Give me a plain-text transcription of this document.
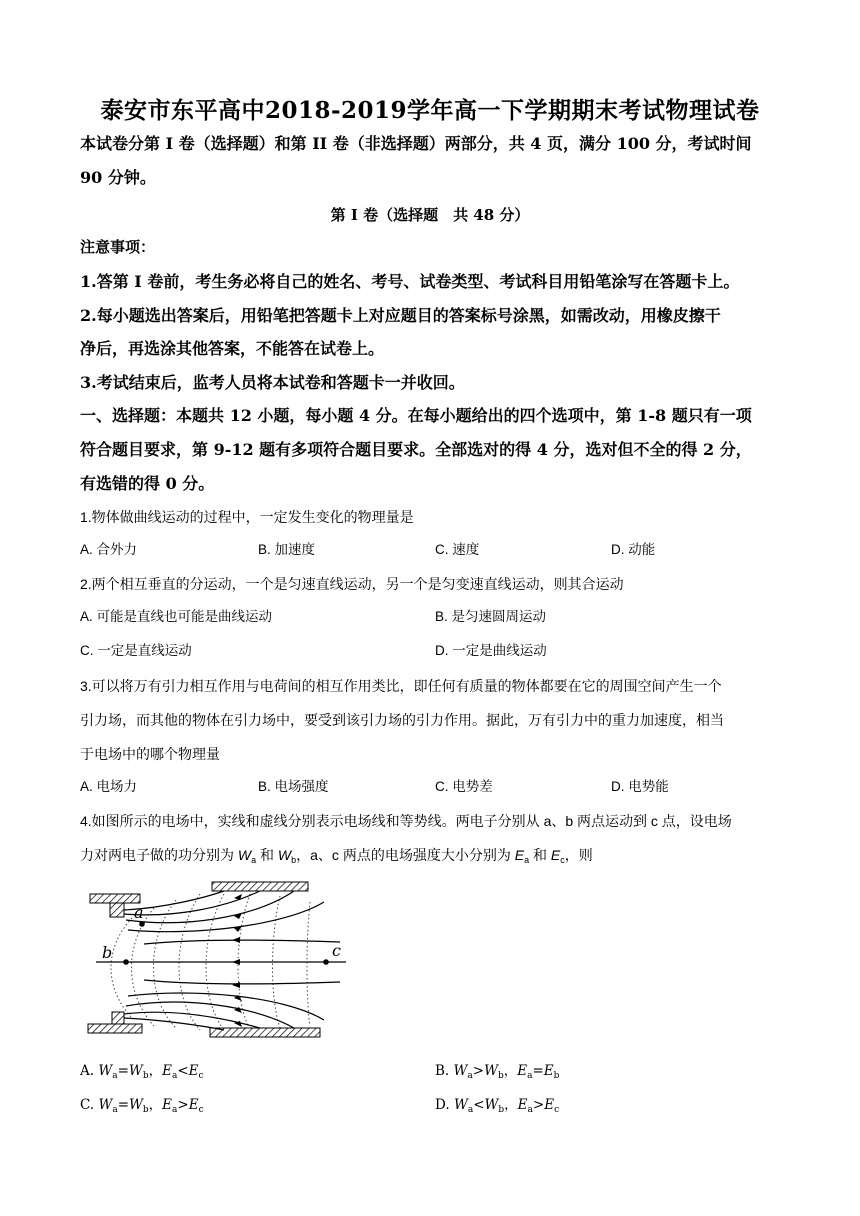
泰安市东平高中2018-2019学年高一下学期期末考试物理试卷
本试卷分第 I 卷（选择题）和第 II 卷（非选择题）两部分，共 4 页，满分 100 分，考试时间
90 分钟。
第 I 卷（选择题　共 48 分）
注意事项：
1.答第 I 卷前，考生务必将自己的姓名、考号、试卷类型、考试科目用铅笔涂写在答题卡上。
2.每小题选出答案后，用铅笔把答题卡上对应题目的答案标号涂黑，如需改动，用橡皮擦干
净后，再选涂其他答案，不能答在试卷上。
3.考试结束后，监考人员将本试卷和答题卡一并收回。
一、选择题：本题共 12 小题，每小题 4 分。在每小题给出的四个选项中，第 1-8 题只有一项
符合题目要求，第 9-12 题有多项符合题目要求。全部选对的得 4 分，选对但不全的得 2 分，
有选错的得 0 分。
1.物体做曲线运动的过程中，一定发生变化的物理量是
A. 合外力	B. 加速度	C. 速度	D. 动能
2.两个相互垂直的分运动，一个是匀速直线运动，另一个是匀变速直线运动，则其合运动
A. 可能是直线也可能是曲线运动	B. 是匀速圆周运动
C. 一定是直线运动	D. 一定是曲线运动
3.可以将万有引力相互作用与电荷间的相互作用类比，即任何有质量的物体都要在它的周围空间产生一个
引力场，而其他的物体在引力场中，要受到该引力场的引力作用。据此，万有引力中的重力加速度，相当
于电场中的哪个物理量
A. 电场力	B. 电场强度	C. 电势差	D. 电势能
4.如图所示的电场中，实线和虚线分别表示电场线和等势线。两电子分别从 a、b 两点运动到 c 点，设电场
力对两电子做的功分别为 $W_a$ 和 $W_b$，a、c 两点的电场强度大小分别为 $E_a$ 和 $E_c$，则
a
b	c
A. $W_a=W_b$，$E_a<E_c$	B. $W_a>W_b$，$E_a=E_b$
C. $W_a=W_b$，$E_a>E_c$	D. $W_a<W_b$，$E_a>E_c$
